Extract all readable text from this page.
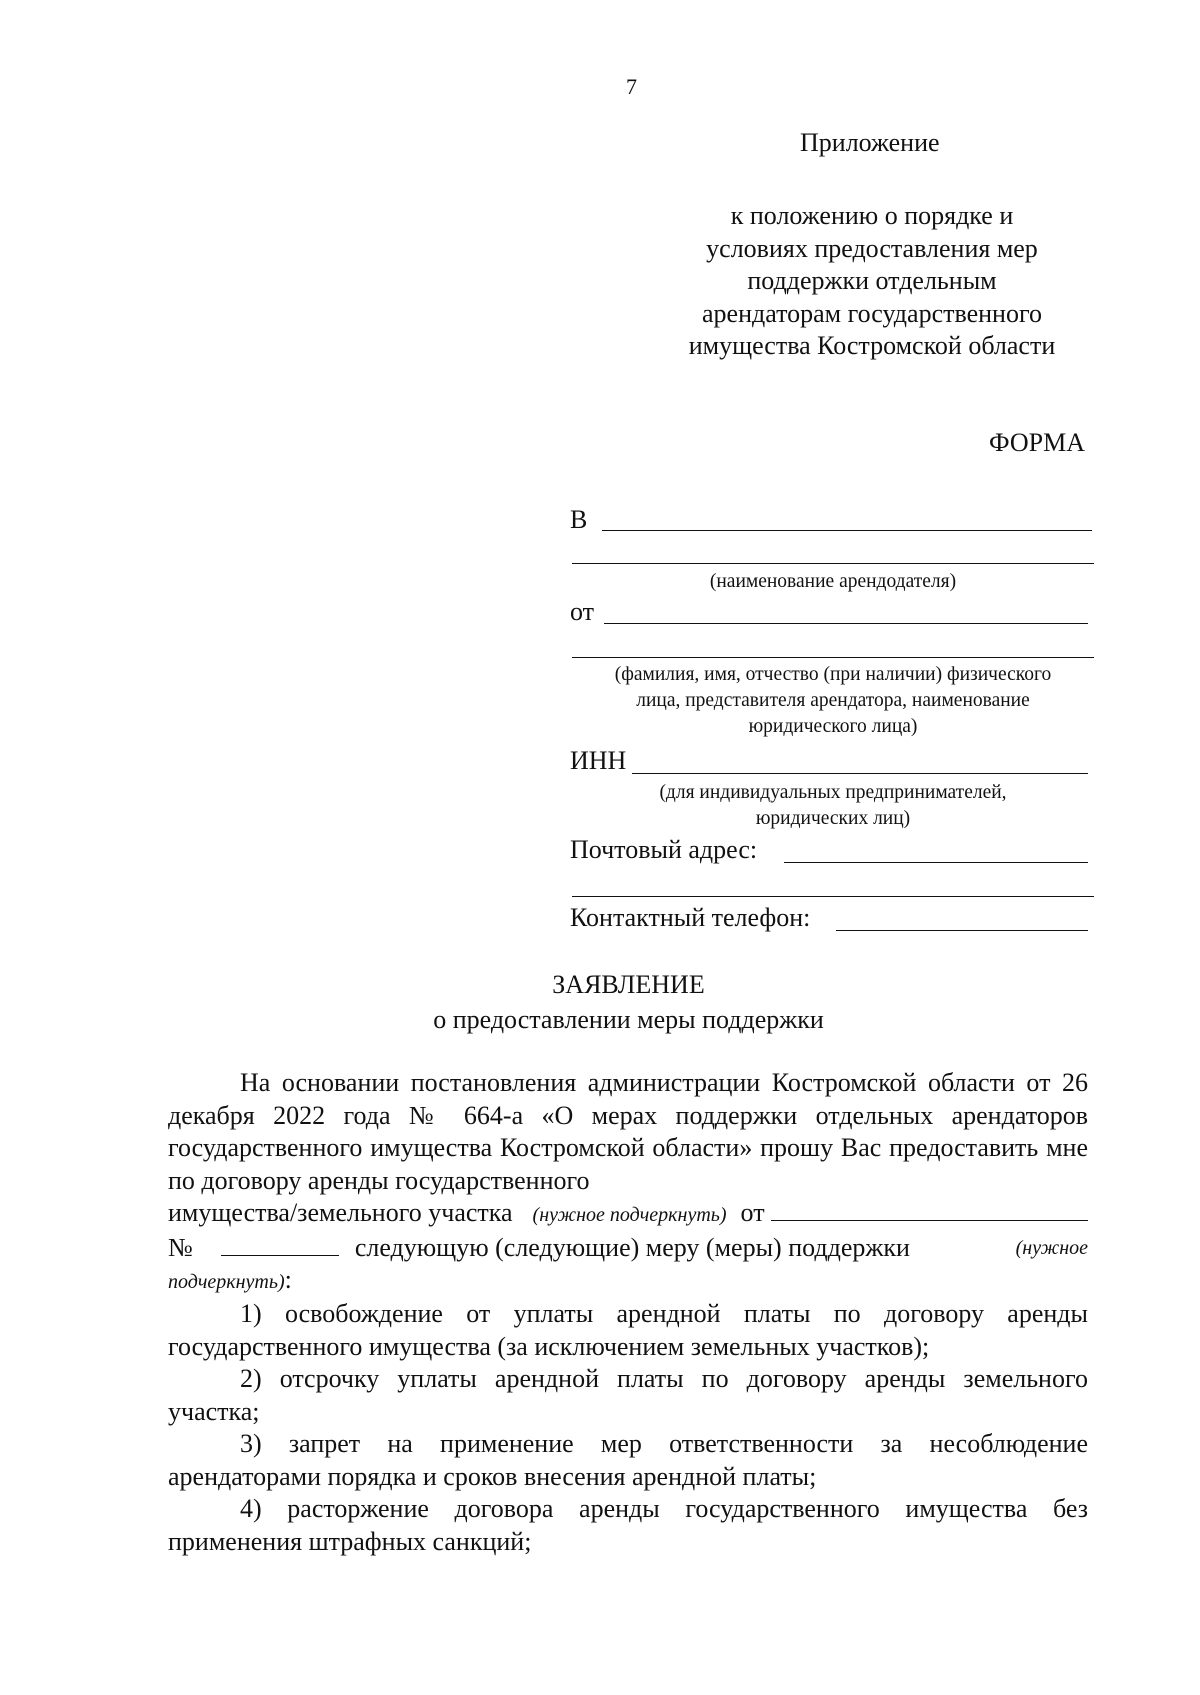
7
Приложение
к положению о порядке и
условиях предоставления мер
поддержки отдельным
арендаторам государственного
имущества Костромской области
ФОРМА
В
(наименование арендодателя)
от
(фамилия, имя, отчество (при наличии) физического
лица, представителя арендатора, наименование
юридического лица)
ИНН
(для индивидуальных предпринимателей,
юридических лиц)
Почтовый адрес:
Контактный телефон:
ЗАЯВЛЕНИЕ
о предоставлении меры поддержки
На основании постановления администрации Костромской области от 26 декабря 2022 года № 664-а «О мерах поддержки отдельных арендаторов государственного имущества Костромской области» прошу Вас предоставить мне по договору аренды государственного
имущества/земельного участка (нужное подчеркнуть) от
№	следующую (следующие) меру (меры) поддержки	(нужное
подчеркнуть):
1) освобождение от уплаты арендной платы по договору аренды государственного имущества (за исключением земельных участков);
2) отсрочку уплаты арендной платы по договору аренды земельного участка;
3) запрет на применение мер ответственности за несоблюдение арендаторами порядка и сроков внесения арендной платы;
4) расторжение договора аренды государственного имущества без применения штрафных санкций;
